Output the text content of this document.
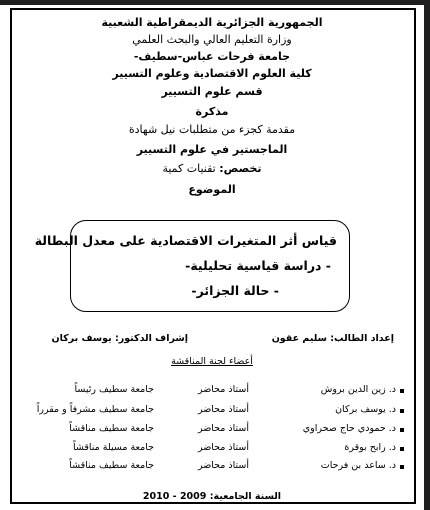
الجمهورية الجزائرية الديمقراطية الشعبية
وزارة التعليم العالي والبحث العلمي
جامعة فرحات عباس-سطيف-
كلية العلوم الاقتصادية وعلوم التسيير
قسم علوم التسيير
مذكرة
مقدمة كجزء من متطلبات نيل شهادة
الماجستير في علوم التسيير
تخصص: تقنيات كمية
الموضوع
قياس أثر المتغيرات الاقتصادية على معدل البطالة
- دراسة قياسية تحليلية-
- حالة الجزائر-
إعداد الطالب: سليم عقون
إشراف الدكتور: يوسف بركان
أعضاء لجنة المناقشة
د. زين الدين بروش
أستاذ محاضر
جامعة سطيف رئيساً
د. يوسف بركان
أستاذ محاضر
جامعة سطيف مشرفاً و مقرراً
د. حمودي حاج صحراوي
أستاذ محاضر
جامعة سطيف مناقشاً
د. رابح بوقرة
أستاذ محاضر
جامعة مسيلة مناقشاً
د. ساعد بن فرحات
أستاذ محاضر
جامعة سطيف مناقشاً
السنة الجامعية: 2009 - 2010
